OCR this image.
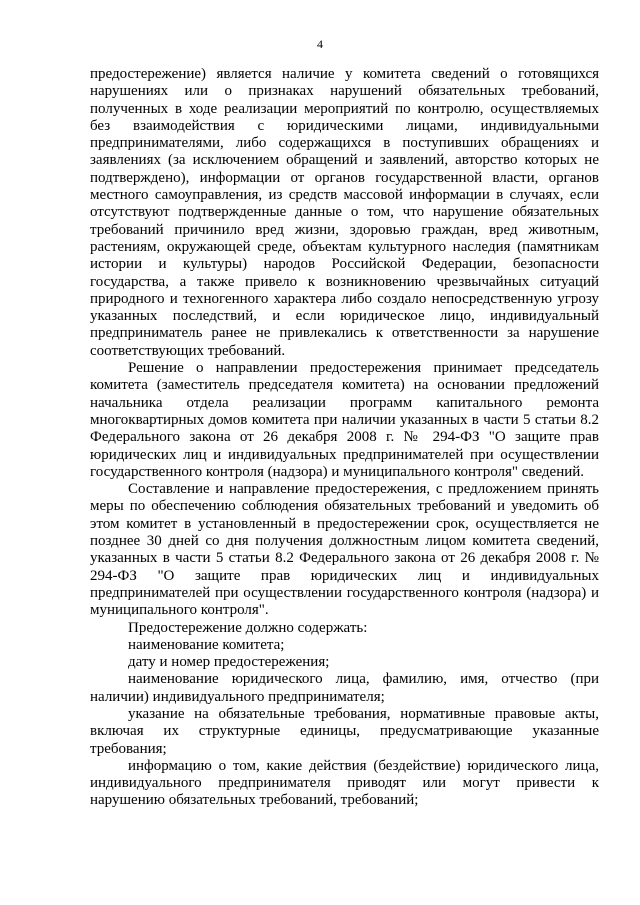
4

предостережение) является наличие у комитета сведений о готовящихся нарушениях или о признаках нарушений обязательных требований, полученных в ходе реализации мероприятий по контролю, осуществляемых без взаимодействия с юридическими лицами, индивидуальными предпринимателями, либо содержащихся в поступивших обращениях и заявлениях (за исключением обращений и заявлений, авторство которых не подтверждено), информации от органов государственной власти, органов местного самоуправления, из средств массовой информации в случаях, если отсутствуют подтвержденные данные о том, что нарушение обязательных требований причинило вред жизни, здоровью граждан, вред животным, растениям, окружающей среде, объектам культурного наследия (памятникам истории и культуры) народов Российской Федерации, безопасности государства, а также привело к возникновению чрезвычайных ситуаций природного и техногенного характера либо создало непосредственную угрозу указанных последствий, и если юридическое лицо, индивидуальный предприниматель ранее не привлекались к ответственности за нарушение соответствующих требований.

Решение о направлении предостережения принимает председатель комитета (заместитель председателя комитета) на основании предложений начальника отдела реализации программ капитального ремонта многоквартирных домов комитета при наличии указанных в части 5 статьи 8.2 Федерального закона от 26 декабря 2008 г. № 294-ФЗ "О защите прав юридических лиц и индивидуальных предпринимателей при осуществлении государственного контроля (надзора) и муниципального контроля" сведений.

Составление и направление предостережения, с предложением принять меры по обеспечению соблюдения обязательных требований и уведомить об этом комитет в установленный в предостережении срок, осуществляется не позднее 30 дней со дня получения должностным лицом комитета сведений, указанных в части 5 статьи 8.2 Федерального закона от 26 декабря 2008 г. № 294-ФЗ "О защите прав юридических лиц и индивидуальных предпринимателей при осуществлении государственного контроля (надзора) и муниципального контроля".

Предостережение должно содержать:

наименование комитета;

дату и номер предостережения;

наименование юридического лица, фамилию, имя, отчество (при наличии) индивидуального предпринимателя;

указание на обязательные требования, нормативные правовые акты, включая их структурные единицы, предусматривающие указанные требования;

информацию о том, какие действия (бездействие) юридического лица, индивидуального предпринимателя приводят или могут привести к нарушению обязательных требований, требований;
